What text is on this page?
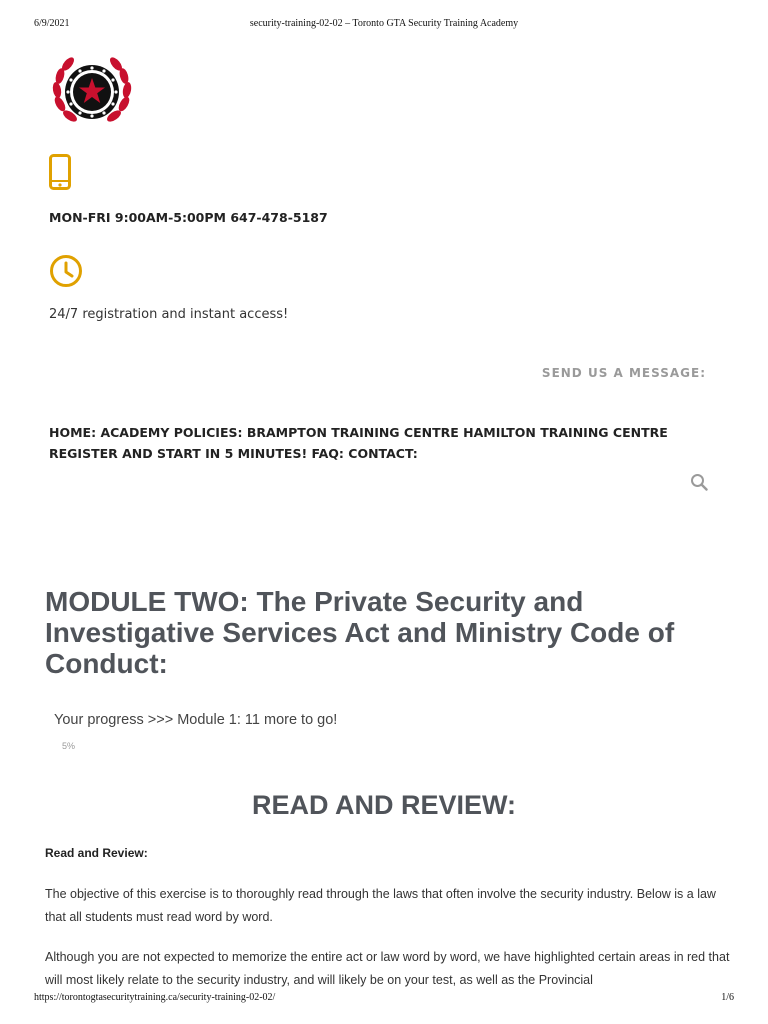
6/9/2021	security-training-02-02 – Toronto GTA Security Training Academy
MON-FRI 9:00AM-5:00PM 647-478-5187
24/7 registration and instant access!
SEND US A MESSAGE:
HOME: ACADEMY POLICIES: BRAMPTON TRAINING CENTRE HAMILTON TRAINING CENTRE
REGISTER AND START IN 5 MINUTES! FAQ: CONTACT:
MODULE TWO: The Private Security and Investigative Services Act and Ministry Code of Conduct:
Your progress >>> Module 1: 11 more to go!
5%
READ AND REVIEW:
Read and Review:

The objective of this exercise is to thoroughly read through the laws that often involve the security industry. Below is a law that all students must read word by word.

Although you are not expected to memorize the entire act or law word by word, we have highlighted certain areas in red that will most likely relate to the security industry, and will likely be on your test, as well as the Provincial

https://torontogtasecuritytraining.ca/security-training-02-02/	1/6
